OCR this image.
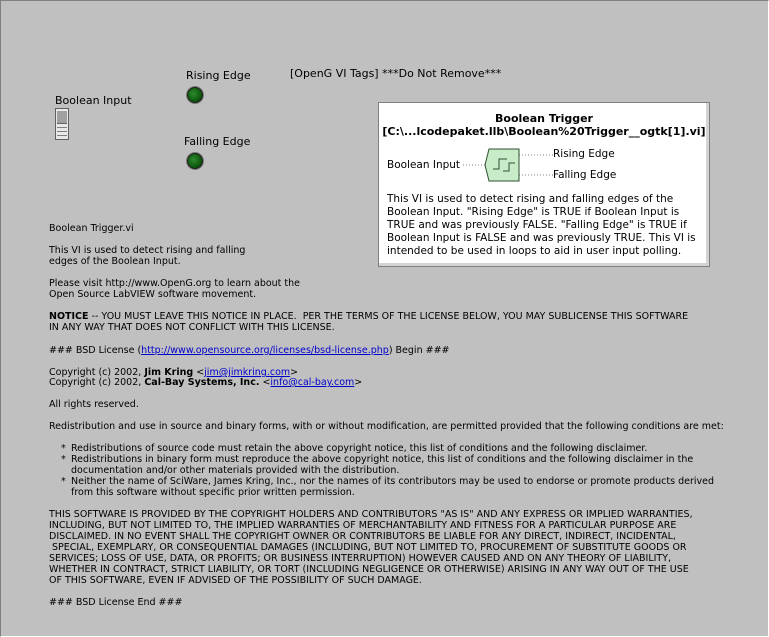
Boolean Input
Rising Edge
Falling Edge
[OpenG VI Tags] ***Do Not Remove***
Boolean Trigger
[C:\...lcodepaket.llb\Boolean%20Trigger__ogtk[1].vi]
Boolean Input
Rising Edge
Falling Edge
This VI is used to detect rising and falling edges of the Boolean Input. "Rising Edge" is TRUE if Boolean Input is TRUE and was previously FALSE. "Falling Edge" is TRUE if Boolean Input is FALSE and was previously TRUE. This VI is intended to be used in loops to aid in user input polling.
Boolean Trigger.vi
This VI is used to detect rising and falling
edges of the Boolean Input.
Please visit http://www.OpenG.org to learn about the
Open Source LabVIEW software movement.
NOTICE -- YOU MUST LEAVE THIS NOTICE IN PLACE.  PER THE TERMS OF THE LICENSE BELOW, YOU MAY SUBLICENSE THIS SOFTWARE
IN ANY WAY THAT DOES NOT CONFLICT WITH THIS LICENSE.
### BSD License (http://www.opensource.org/licenses/bsd-license.php) Begin ###
Copyright (c) 2002, Jim Kring <jim@jimkring.com>
Copyright (c) 2002, Cal-Bay Systems, Inc. <info@cal-bay.com>
All rights reserved.
Redistribution and use in source and binary forms, with or without modification, are permitted provided that the following conditions are met:
* Redistributions of source code must retain the above copyright notice, this list of conditions and the following disclaimer.
* Redistributions in binary form must reproduce the above copyright notice, this list of conditions and the following disclaimer in the
documentation and/or other materials provided with the distribution.
* Neither the name of SciWare, James Kring, Inc., nor the names of its contributors may be used to endorse or promote products derived
from this software without specific prior written permission.
THIS SOFTWARE IS PROVIDED BY THE COPYRIGHT HOLDERS AND CONTRIBUTORS "AS IS" AND ANY EXPRESS OR IMPLIED WARRANTIES,
INCLUDING, BUT NOT LIMITED TO, THE IMPLIED WARRANTIES OF MERCHANTABILITY AND FITNESS FOR A PARTICULAR PURPOSE ARE
DISCLAIMED. IN NO EVENT SHALL THE COPYRIGHT OWNER OR CONTRIBUTORS BE LIABLE FOR ANY DIRECT, INDIRECT, INCIDENTAL,
SPECIAL, EXEMPLARY, OR CONSEQUENTIAL DAMAGES (INCLUDING, BUT NOT LIMITED TO, PROCUREMENT OF SUBSTITUTE GOODS OR
SERVICES; LOSS OF USE, DATA, OR PROFITS; OR BUSINESS INTERRUPTION) HOWEVER CAUSED AND ON ANY THEORY OF LIABILITY,
WHETHER IN CONTRACT, STRICT LIABILITY, OR TORT (INCLUDING NEGLIGENCE OR OTHERWISE) ARISING IN ANY WAY OUT OF THE USE
OF THIS SOFTWARE, EVEN IF ADVISED OF THE POSSIBILITY OF SUCH DAMAGE.
### BSD License End ###
